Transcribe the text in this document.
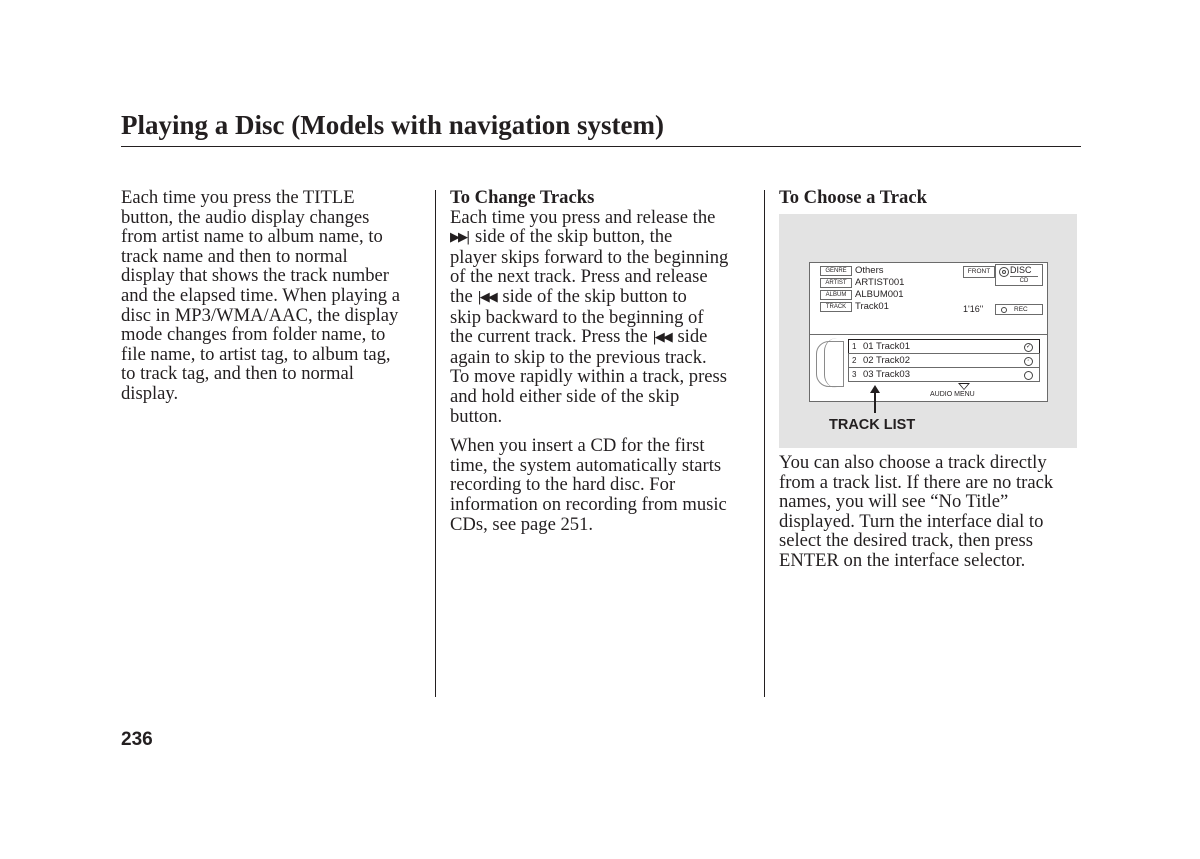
Playing a Disc (Models with navigation system)
Each time you press the TITLE
button, the audio display changes
from artist name to album name, to
track name and then to normal
display that shows the track number
and the elapsed time. When playing a
disc in MP3/WMA/AAC, the display
mode changes from folder name, to
file name, to artist tag, to album tag,
to track tag, and then to normal
display.
To Change Tracks
Each time you press and release the
▶▶| side of the skip button, the
player skips forward to the beginning
of the next track. Press and release
the |◀◀ side of the skip button to
skip backward to the beginning of
the current track. Press the |◀◀ side
again to skip to the previous track.
To move rapidly within a track, press
and hold either side of the skip
button.
When you insert a CD for the first
time, the system automatically starts
recording to the hard disc. For
information on recording from music
CDs, see page 251.
To Choose a Track
GENRE Others
ARTIST ARTIST001
ALBUM ALBUM001
TRACK Track01
FRONT	DISC
CD
1'16''	REC
1 01 Track01	✓
2 02 Track02	◦
3 03 Track03
AUDIO MENU
TRACK LIST
You can also choose a track directly
from a track list. If there are no track
names, you will see “No Title”
displayed. Turn the interface dial to
select the desired track, then press
ENTER on the interface selector.
236
